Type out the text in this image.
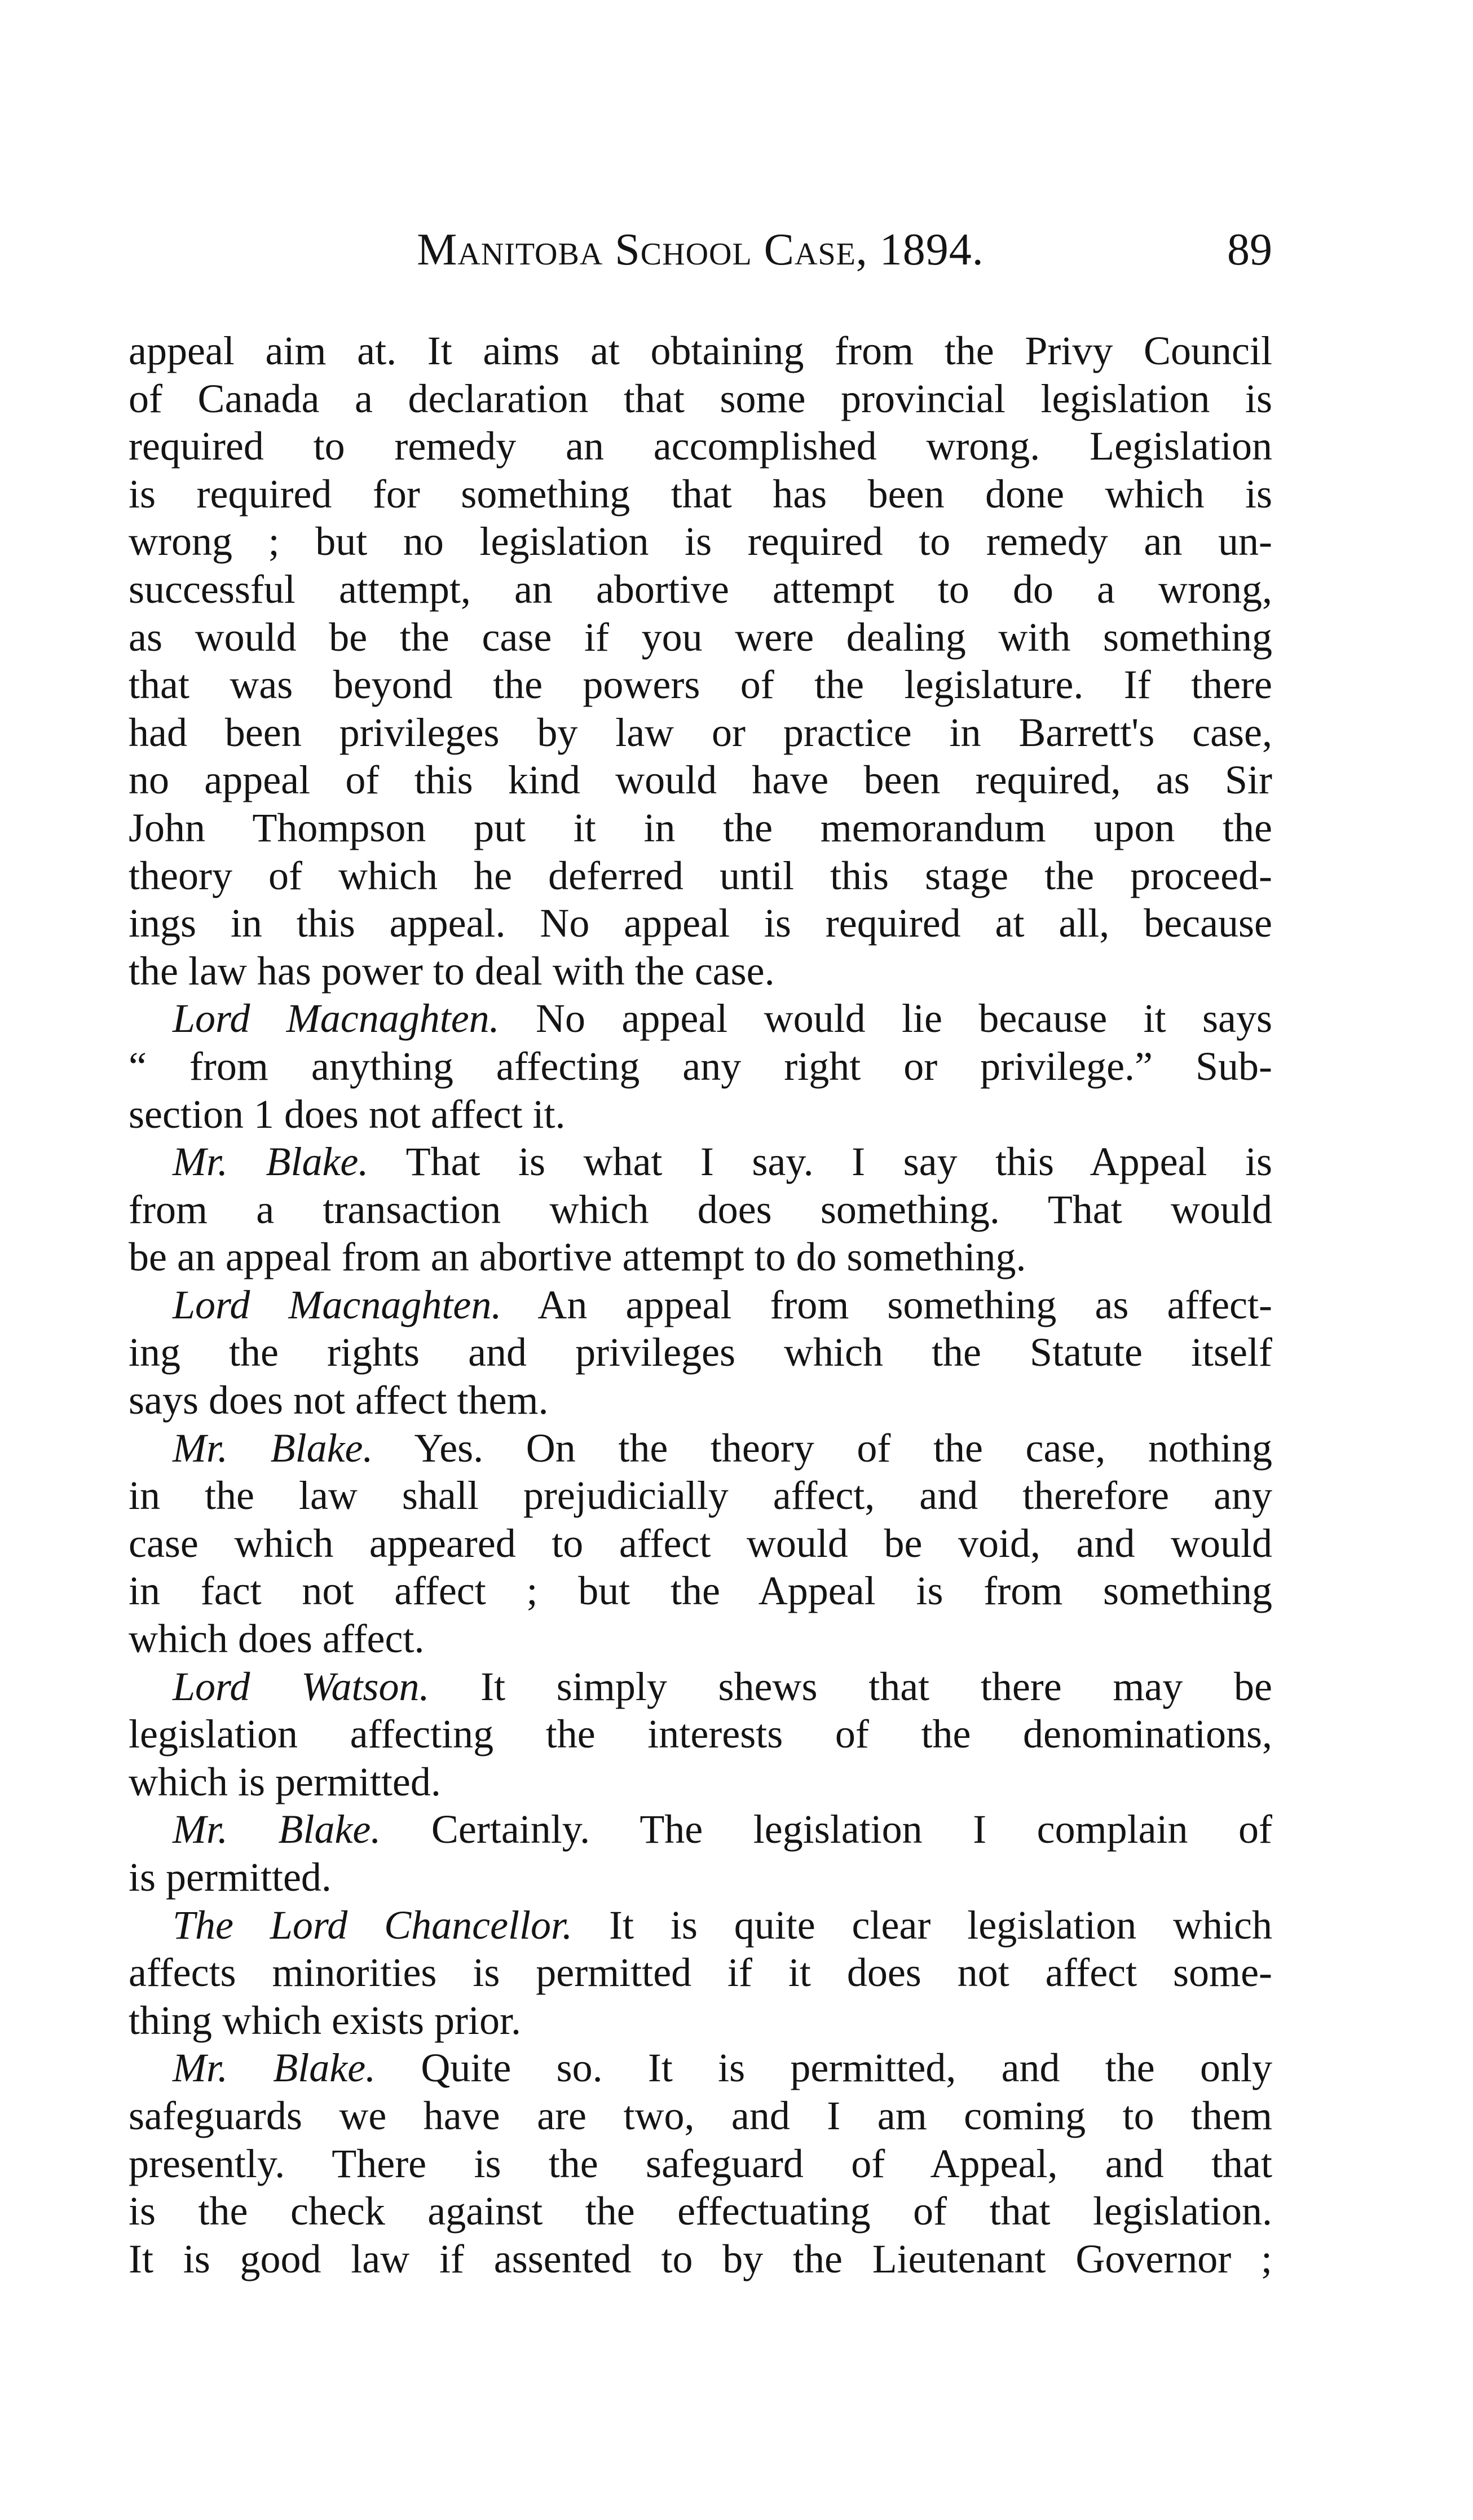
Manitoba School Case, 1894.	89
appeal aim at. It aims at obtaining from the Privy Council
of Canada a declaration that some provincial legislation is
required to remedy an accomplished wrong. Legislation
is required for something that has been done which is
wrong ; but no legislation is required to remedy an un-
successful attempt, an abortive attempt to do a wrong,
as would be the case if you were dealing with something
that was beyond the powers of the legislature. If there
had been privileges by law or practice in Barrett's case,
no appeal of this kind would have been required, as Sir
John Thompson put it in the memorandum upon the
theory of which he deferred until this stage the proceed-
ings in this appeal. No appeal is required at all, because
the law has power to deal with the case.
Lord Macnaghten. No appeal would lie because it says
“ from anything affecting any right or privilege.” Sub-
section 1 does not affect it.
Mr. Blake. That is what I say. I say this Appeal is
from a transaction which does something. That would
be an appeal from an abortive attempt to do something.
Lord Macnaghten. An appeal from something as affect-
ing the rights and privileges which the Statute itself
says does not affect them.
Mr. Blake. Yes. On the theory of the case, nothing
in the law shall prejudicially affect, and therefore any
case which appeared to affect would be void, and would
in fact not affect ; but the Appeal is from something
which does affect.
Lord Watson. It simply shews that there may be
legislation affecting the interests of the denominations,
which is permitted.
Mr. Blake. Certainly. The legislation I complain of
is permitted.
The Lord Chancellor. It is quite clear legislation which
affects minorities is permitted if it does not affect some-
thing which exists prior.
Mr. Blake. Quite so. It is permitted, and the only
safeguards we have are two, and I am coming to them
presently. There is the safeguard of Appeal, and that
is the check against the effectuating of that legislation.
It is good law if assented to by the Lieutenant Governor ;
